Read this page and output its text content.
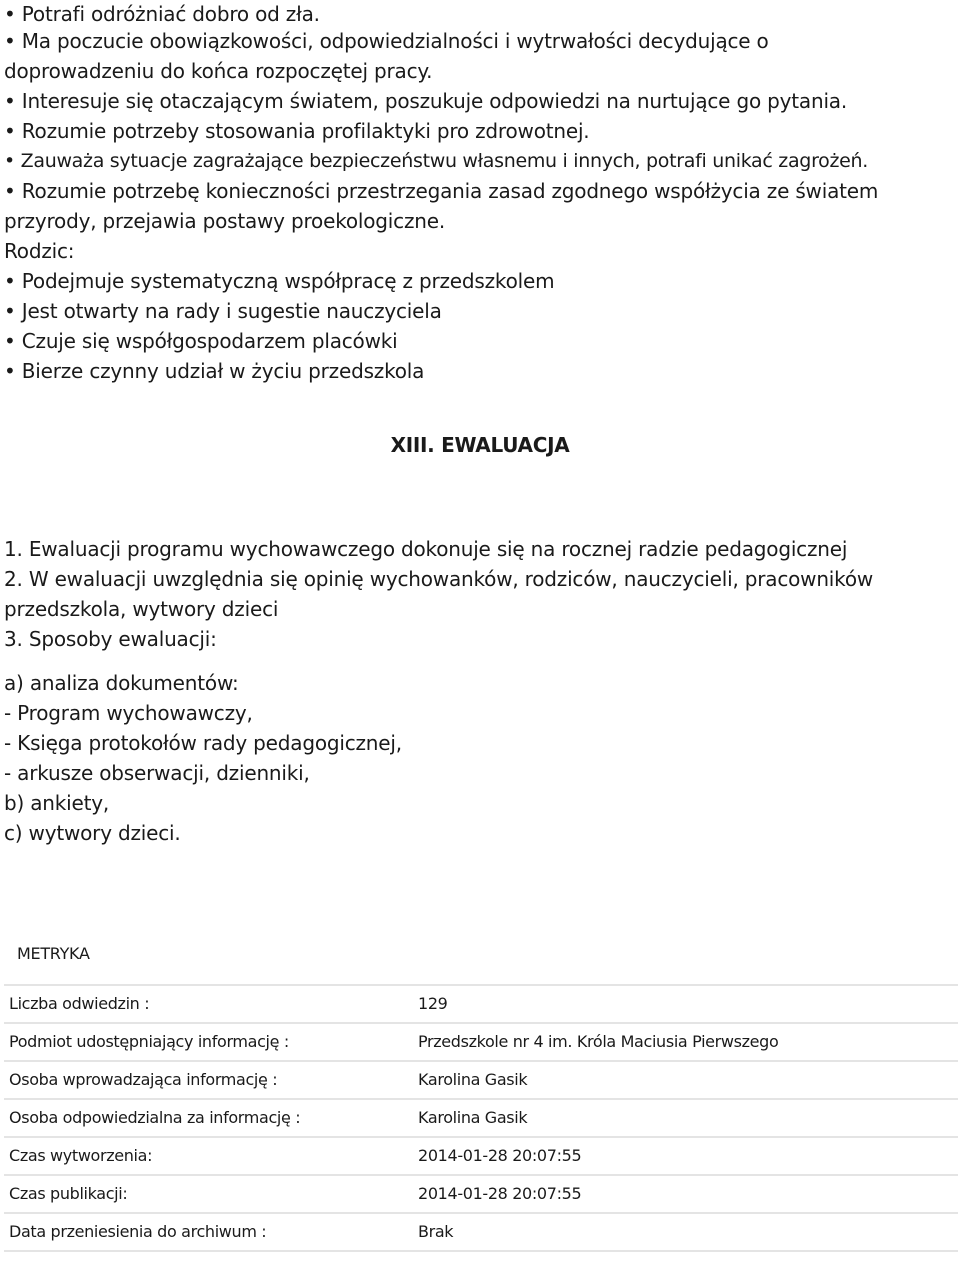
• Potrafi odróżniać dobro od zła.
• Ma poczucie obowiązkowości, odpowiedzialności i wytrwałości decydujące o
doprowadzeniu do końca rozpoczętej pracy.
• Interesuje się otaczającym światem, poszukuje odpowiedzi na nurtujące go pytania.
• Rozumie potrzeby stosowania profilaktyki pro zdrowotnej.
• Zauważa sytuacje zagrażające bezpieczeństwu własnemu i innych, potrafi unikać zagrożeń.
• Rozumie potrzebę konieczności przestrzegania zasad zgodnego współżycia ze światem
przyrody, przejawia postawy proekologiczne.
Rodzic:
• Podejmuje systematyczną współpracę z przedszkolem
• Jest otwarty na rady i sugestie nauczyciela
• Czuje się współgospodarzem placówki
• Bierze czynny udział w życiu przedszkola
XIII. EWALUACJA
1. Ewaluacji programu wychowawczego dokonuje się na rocznej radzie pedagogicznej
2. W ewaluacji uwzględnia się opinię wychowanków, rodziców, nauczycieli, pracowników
przedszkola, wytwory dzieci
3. Sposoby ewaluacji:
a) analiza dokumentów:
- Program wychowawczy,
- Księga protokołów rady pedagogicznej,
- arkusze obserwacji, dzienniki,
b) ankiety,
c) wytwory dzieci.
METRYKA
Liczba odwiedzin :	129
Podmiot udostępniający informację :	Przedszkole nr 4 im. Króla Maciusia Pierwszego
Osoba wprowadzająca informację :	Karolina Gasik
Osoba odpowiedzialna za informację :	Karolina Gasik
Czas wytworzenia:	2014-01-28 20:07:55
Czas publikacji:	2014-01-28 20:07:55
Data przeniesienia do archiwum :	Brak
